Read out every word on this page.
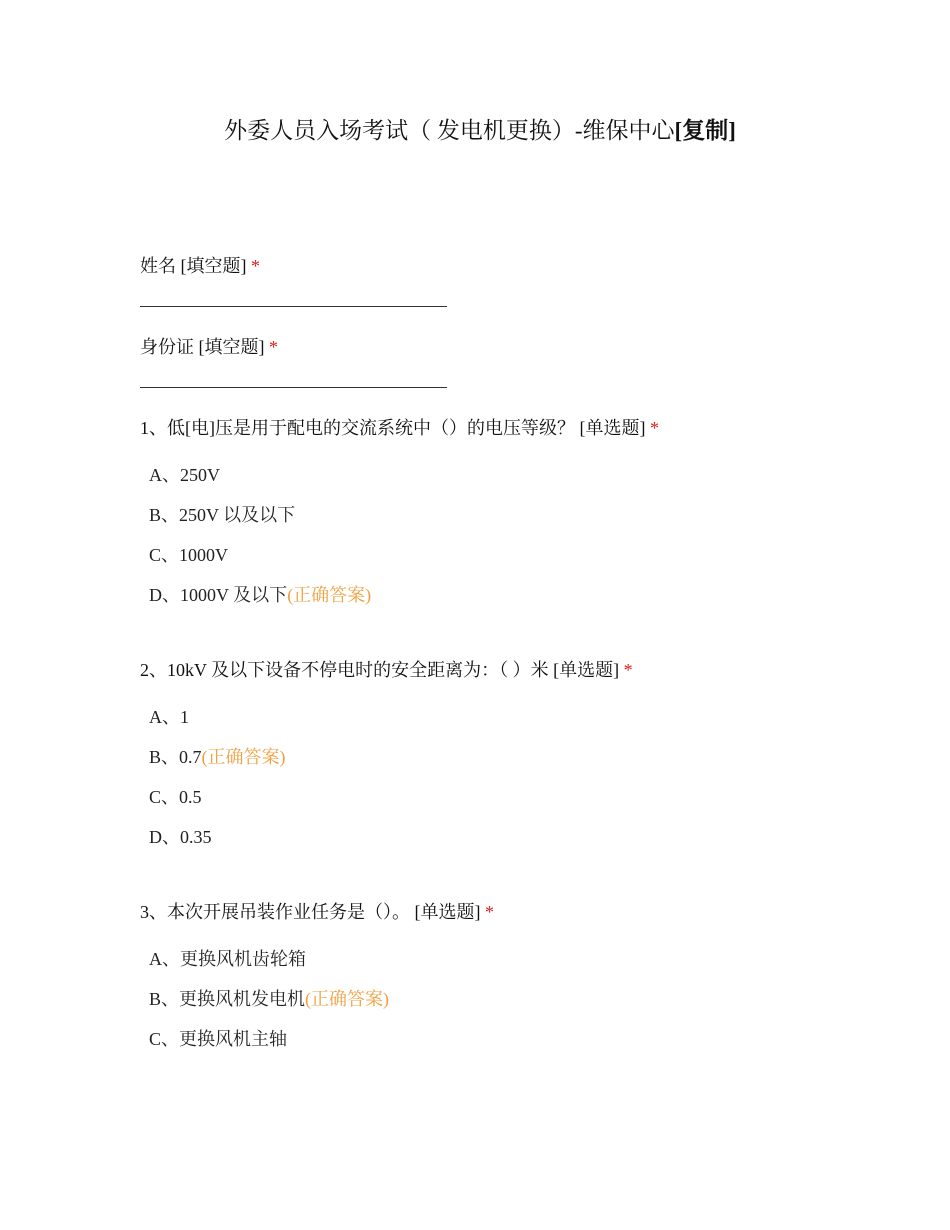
外委人员入场考试（ 发电机更换）-维保中心[复制]
姓名 [填空题] *
身份证 [填空题] *
1、低[电]压是用于配电的交流系统中（）的电压等级？ [单选题] *
A、250V
B、250V 以及以下
C、1000V
D、1000V 及以下(正确答案)
2、10kV 及以下设备不停电时的安全距离为：（ ）米 [单选题] *
A、1
B、0.7(正确答案)
C、0.5
D、0.35
3、本次开展吊装作业任务是（）。 [单选题] *
A、更换风机齿轮箱
B、更换风机发电机(正确答案)
C、更换风机主轴
